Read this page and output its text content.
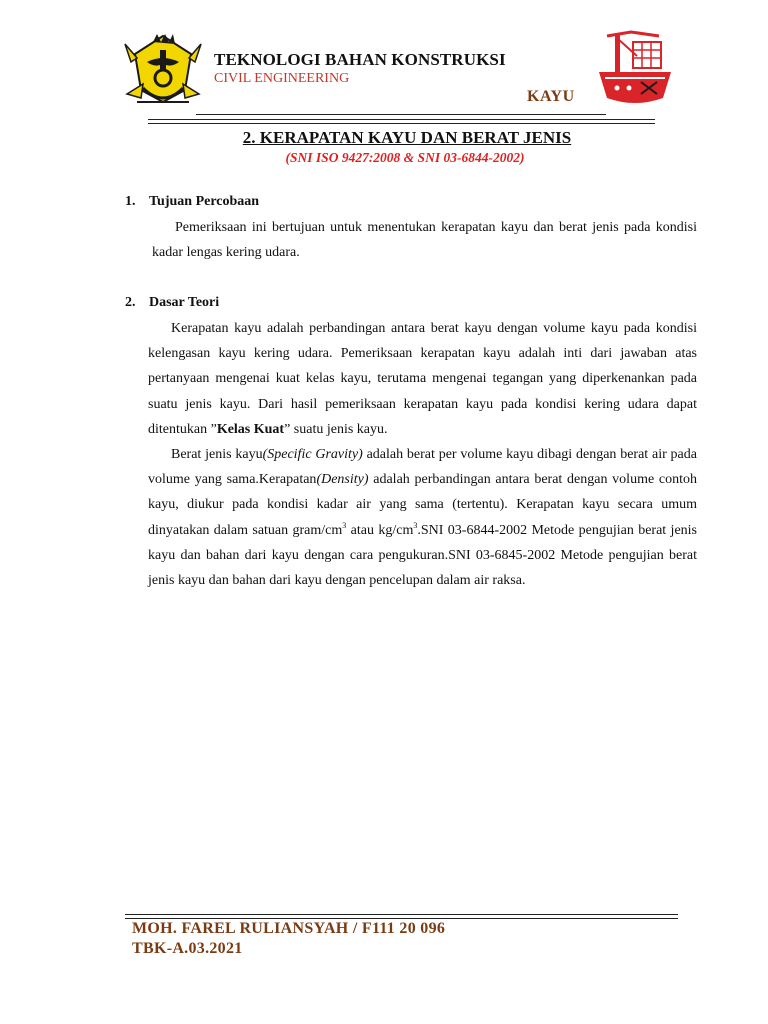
TEKNOLOGI BAHAN KONSTRUKSI
CIVIL ENGINEERING
KAYU
2. KERAPATAN KAYU DAN BERAT JENIS
(SNI ISO 9427:2008 & SNI 03-6844-2002)
1. Tujuan Percobaan
Pemeriksaan ini bertujuan untuk menentukan kerapatan kayu dan berat jenis pada kondisi kadar lengas kering udara.
2. Dasar Teori
Kerapatan kayu adalah perbandingan antara berat kayu dengan volume kayu pada kondisi kelengasan kayu kering udara. Pemeriksaan kerapatan kayu adalah inti dari jawaban atas pertanyaan mengenai kuat kelas kayu, terutama mengenai tegangan yang diperkenankan pada suatu jenis kayu. Dari hasil pemeriksaan kerapatan kayu pada kondisi kering udara dapat ditentukan ”Kelas Kuat” suatu jenis kayu.
Berat jenis kayu(Specific Gravity) adalah berat per volume kayu dibagi dengan berat air pada volume yang sama.Kerapatan(Density) adalah perbandingan antara berat dengan volume contoh kayu, diukur pada kondisi kadar air yang sama (tertentu). Kerapatan kayu secara umum dinyatakan dalam satuan gram/$cm^3$ atau $kg/cm^3.SNI$ 03-6844-2002 Metode pengujian berat jenis kayu dan bahan dari kayu dengan cara pengukuran.SNI 03-6845-2002 Metode pengujian berat jenis kayu dan bahan dari kayu dengan pencelupan dalam air raksa.
MOH. FAREL RULIANSYAH / F111 20 096
TBK-A.03.2021
